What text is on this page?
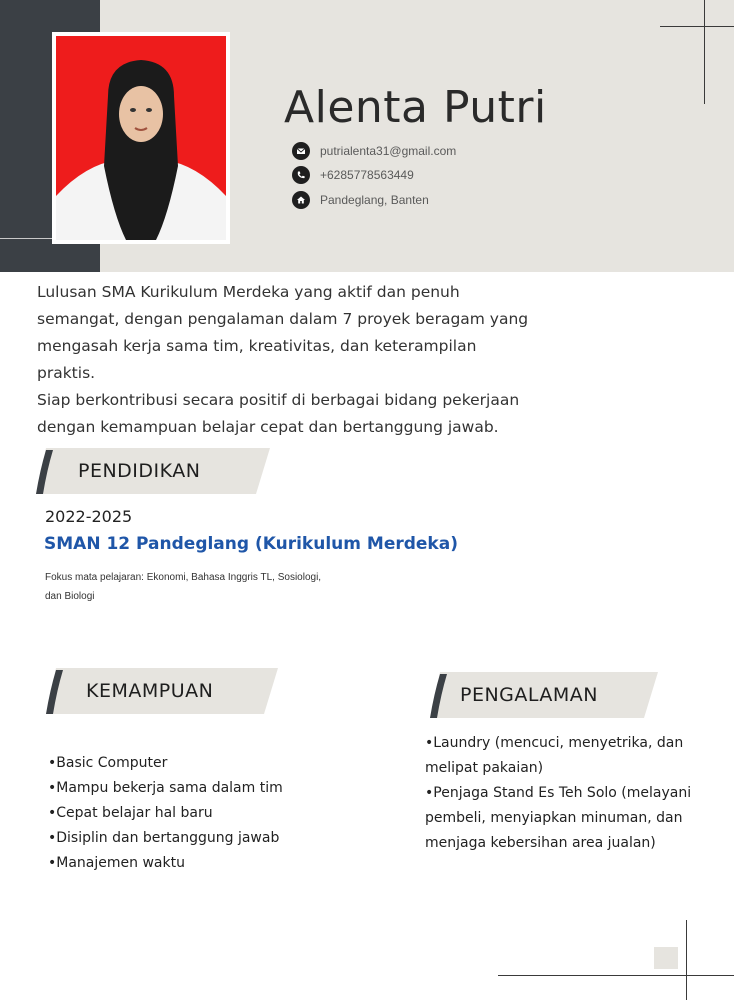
Alenta Putri
putrialenta31@gmail.com
+6285778563449
Pandeglang, Banten
Lulusan SMA Kurikulum Merdeka yang aktif dan penuh
semangat, dengan pengalaman dalam 7 proyek beragam yang
mengasah kerja sama tim, kreativitas, dan keterampilan praktis.
Siap berkontribusi secara positif di berbagai bidang pekerjaan
dengan kemampuan belajar cepat dan bertanggung jawab.
PENDIDIKAN
2022-2025
SMAN 12 Pandeglang (Kurikulum Merdeka)
Fokus mata pelajaran: Ekonomi, Bahasa Inggris TL, Sosiologi,
dan Biologi
KEMAMPUAN
•Basic Computer
•Mampu bekerja sama dalam tim
•Cepat belajar hal baru
•Disiplin dan bertanggung jawab
•Manajemen waktu
PENGALAMAN
•Laundry (mencuci, menyetrika, dan
melipat pakaian)
•Penjaga Stand Es Teh Solo (melayani
pembeli, menyiapkan minuman, dan
menjaga kebersihan area jualan)
